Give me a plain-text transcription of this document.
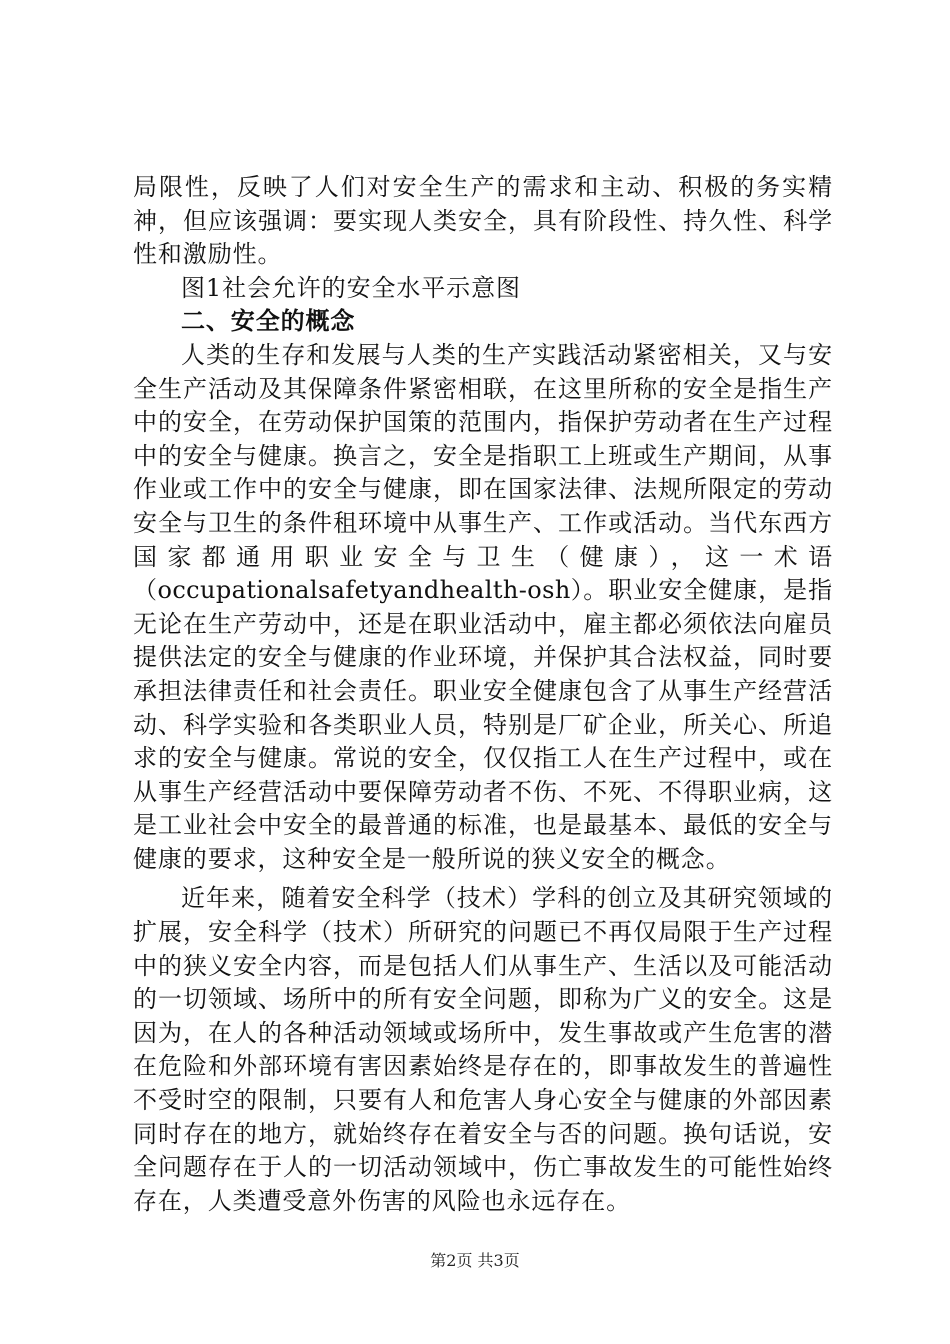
局限性，反映了人们对安全生产的需求和主动、积极的务实精神，但应该强调：要实现人类安全，具有阶段性、持久性、科学性和激励性。

图1社会允许的安全水平示意图

二、安全的概念

人类的生存和发展与人类的生产实践活动紧密相关，又与安全生产活动及其保障条件紧密相联，在这里所称的安全是指生产中的安全，在劳动保护国策的范围内，指保护劳动者在生产过程中的安全与健康。换言之，安全是指职工上班或生产期间，从事作业或工作中的安全与健康，即在国家法律、法规所限定的劳动安全与卫生的条件租环境中从事生产、工作或活动。当代东西方国家都通用职业安全与卫生（健康），这一术语（occupationalsafetyandhealth-osh）。职业安全健康，是指无论在生产劳动中，还是在职业活动中，雇主都必须依法向雇员提供法定的安全与健康的作业环境，并保护其合法权益，同时要承担法律责任和社会责任。职业安全健康包含了从事生产经营活动、科学实验和各类职业人员，特别是厂矿企业，所关心、所追求的安全与健康。常说的安全，仅仅指工人在生产过程中，或在从事生产经营活动中要保障劳动者不伤、不死、不得职业病，这是工业社会中安全的最普通的标准，也是最基本、最低的安全与健康的要求，这种安全是一般所说的狭义安全的概念。

近年来，随着安全科学（技术）学科的创立及其研究领域的扩展，安全科学（技术）所研究的问题已不再仅局限于生产过程中的狭义安全内容，而是包括人们从事生产、生活以及可能活动的一切领域、场所中的所有安全问题，即称为广义的安全。这是因为，在人的各种活动领域或场所中，发生事故或产生危害的潜在危险和外部环境有害因素始终是存在的，即事故发生的普遍性不受时空的限制，只要有人和危害人身心安全与健康的外部因素同时存在的地方，就始终存在着安全与否的问题。换句话说，安全问题存在于人的一切活动领域中，伤亡事故发生的可能性始终存在，人类遭受意外伤害的风险也永远存在。

第2页 共3页
